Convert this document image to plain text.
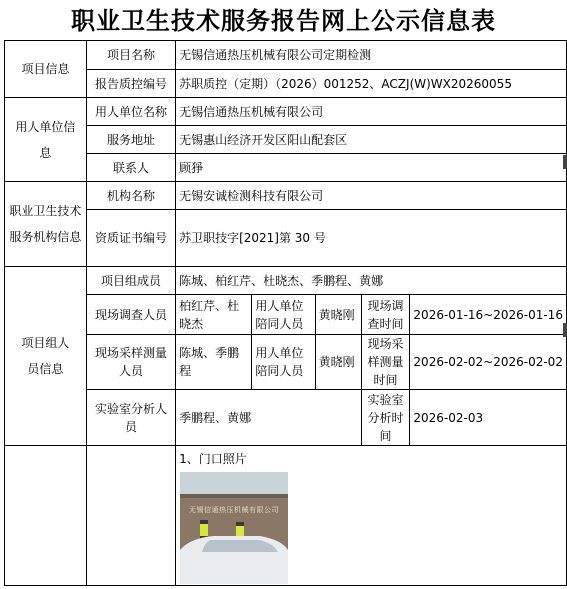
职业卫生技术服务报告网上公示信息表
项目信息	项目名称	无锡信通热压机械有限公司定期检测				
	报告质控编号	苏职质控（定期）（2026）001252、ACZJ(W)WX20260055				
用人单位信息	用人单位名称	无锡信通热压机械有限公司				
	服务地址	无锡惠山经济开发区阳山配套区				
	联系人	顾猙				
职业卫生技术服务机构信息	机构名称	无锡安诚检测科技有限公司				
	资质证书编号	苏卫职技字[2021]第 30 号				
项目组人员信息	项目组成员	陈城、柏红芹、杜晓杰、季鹏程、黄娜				
	现场调查人员	柏红芹、杜晓杰	用人单位陪同人员	黄晓刚	现场调查时间	2026-01-16~2026-01-16
	现场采样测量人员	陈城、季鹏程	用人单位陪同人员	黄晓刚	现场采样测量时间	2026-02-02~2026-02-02
	实验室分析人员	季鹏程、黄娜			实验室分析时间	2026-02-03

		1、门口照片
无锡信通热压机械有限公司				
